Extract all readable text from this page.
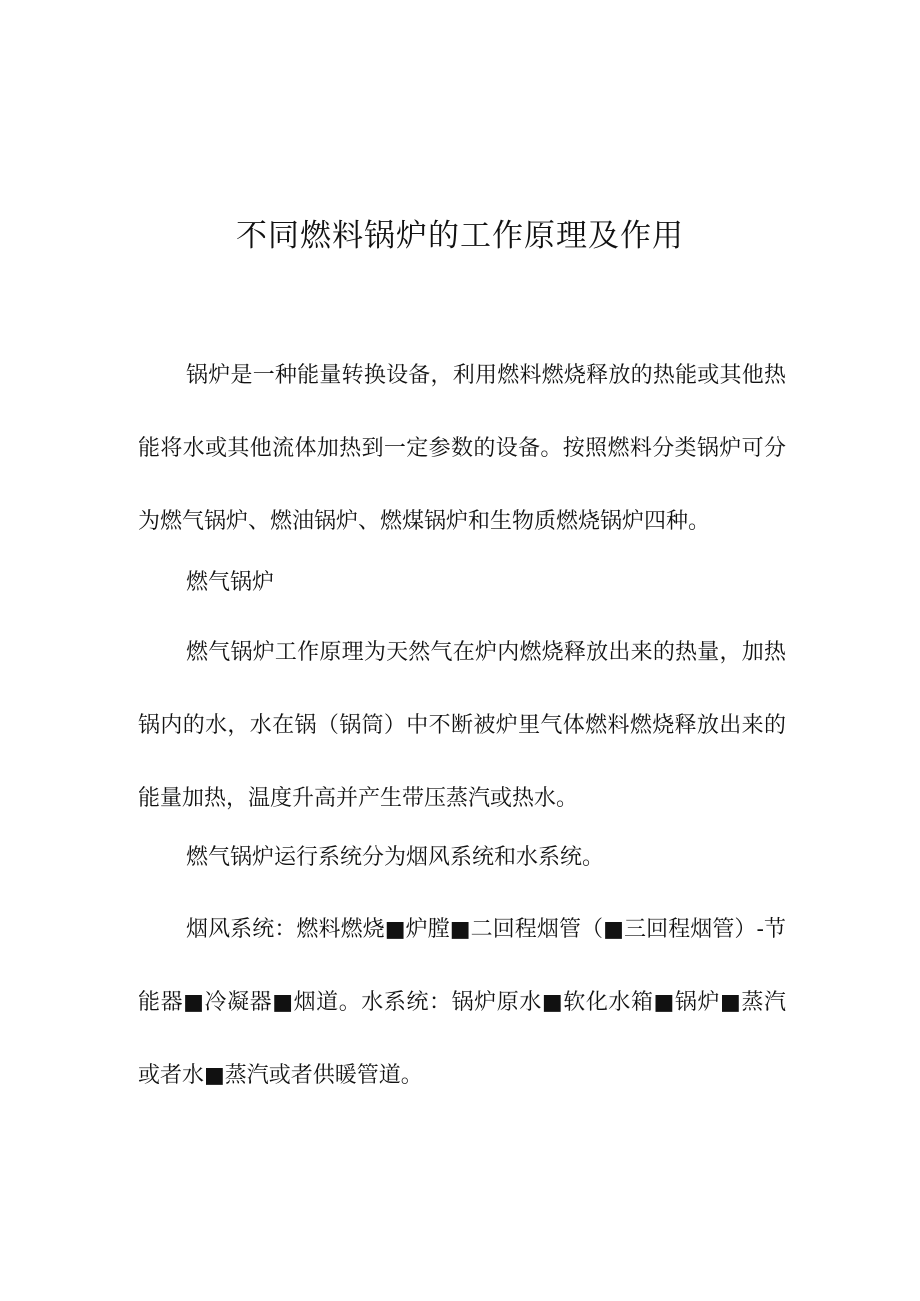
不同燃料锅炉的工作原理及作用

锅炉是一种能量转换设备，利用燃料燃烧释放的热能或其他热能将水或其他流体加热到一定参数的设备。按照燃料分类锅炉可分为燃气锅炉、燃油锅炉、燃煤锅炉和生物质燃烧锅炉四种。

燃气锅炉

燃气锅炉工作原理为天然气在炉内燃烧释放出来的热量，加热锅内的水，水在锅（锅筒）中不断被炉里气体燃料燃烧释放出来的能量加热，温度升高并产生带压蒸汽或热水。

燃气锅炉运行系统分为烟风系统和水系统。

烟风系统：燃料燃烧■炉膛■二回程烟管（■三回程烟管）-节能器■冷凝器■烟道。水系统：锅炉原水■软化水箱■锅炉■蒸汽或者水■蒸汽或者供暖管道。
